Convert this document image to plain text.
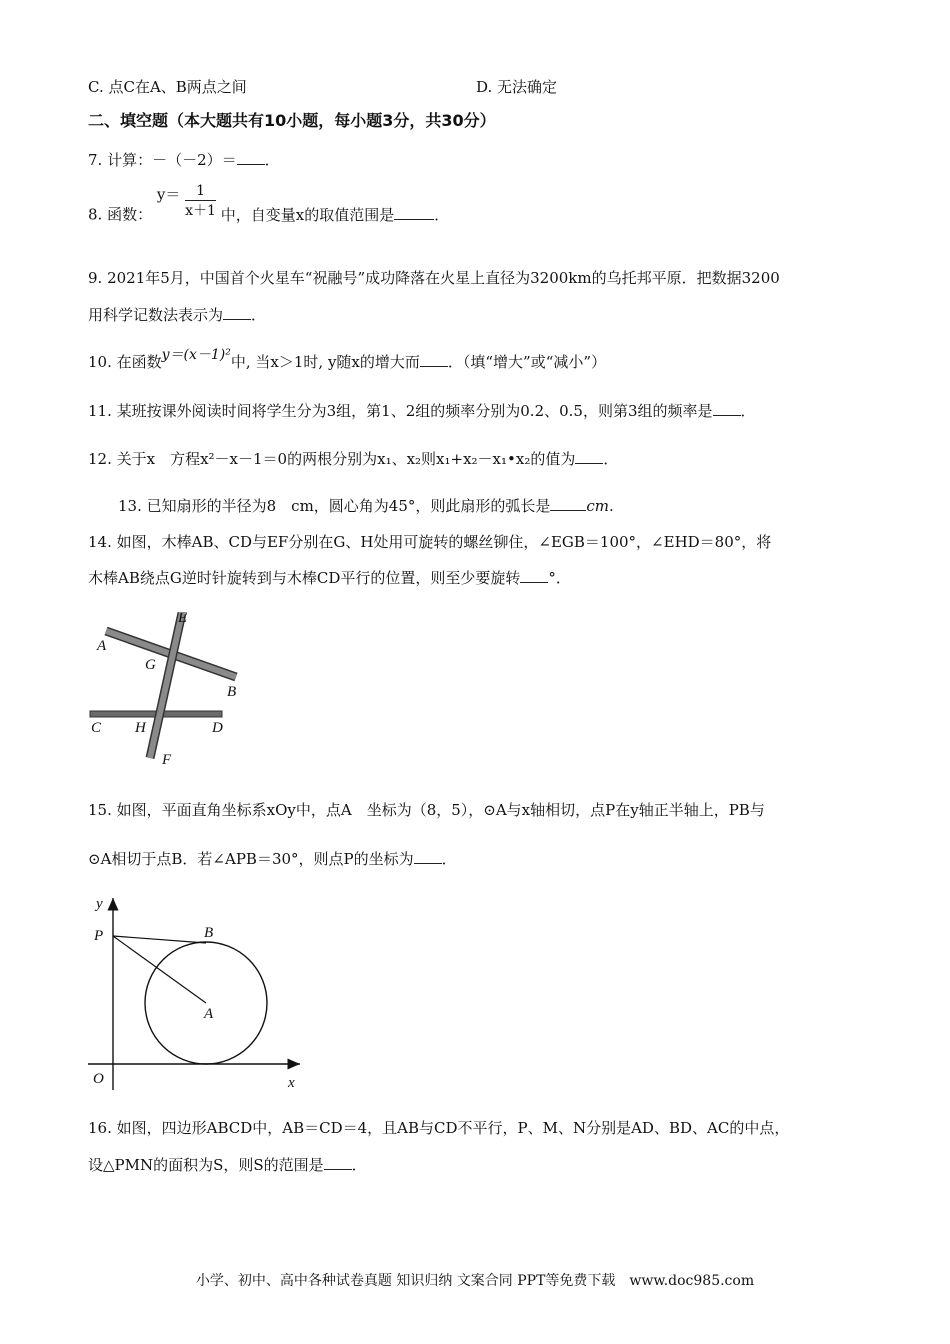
C. 点C在A、B两点之间	D. 无法确定
二、填空题（本大题共有10小题，每小题3分，共30分）
7. 计算：－（－2）＝ ．
8. 函数： $y= \frac{1}{x+1}$ 中，自变量x的取值范围是	．
9. 2021年5月，中国首个火星车“祝融号”成功降落在火星上直径为3200km的乌托邦平原．把数据3200
用科学记数法表示为 ．
10. 在函数y＝(x－1)²中, 当x＞1时, y随x的增大而 ．（填“增大”或“减小”）
11. 某班按课外阅读时间将学生分为3组，第1、2组的频率分别为0.2、0.5，则第3组的频率是 ．
12. 关于x　方程x²－x－1＝0的两根分别为x₁、x₂则x₁+x₂－x₁•x₂的值为 ．
13. 已知扇形的半径为8　cm，圆心角为45°，则此扇形的弧长是 cm.
14. 如图，木棒AB、CD与EF分别在G、H处用可旋转的螺丝铆住，∠EGB＝100°，∠EHD＝80°，将
木棒AB绕点G逆时针旋转到与木棒CD平行的位置，则至少要旋转 °．
A
B
C	D
E
F
G
H
15. 如图，平面直角坐标系xOy中，点A　坐标为（8，5），⊙A与x轴相切，点P在y轴正半轴上，PB与
⊙A相切于点B．若∠APB＝30°，则点P的坐标为 ．
y
P	B
A
O	x
16. 如图，四边形ABCD中，AB＝CD＝4，且AB与CD不平行，P、M、N分别是AD、BD、AC的中点，
设△PMN的面积为S，则S的范围是 ．
小学、初中、高中各种试卷真题 知识归纳 文案合同 PPT等免费下载　www.doc985.com
